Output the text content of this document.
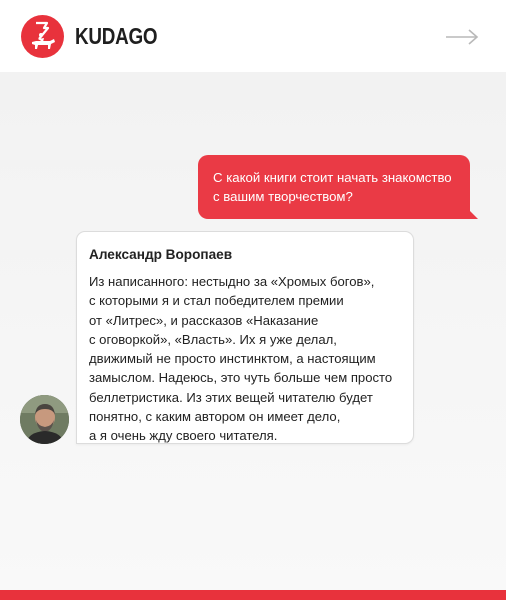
KUDAGO
С какой книги стоит начать знакомство
с вашим творчеством?
Александр Воропаев
Из написанного: нестыдно за «Хромых богов»,
с которыми я и стал победителем премии
от «Литрес», и рассказов «Наказание
с оговоркой», «Власть». Их я уже делал,
движимый не просто инстинктом, а настоящим
замыслом. Надеюсь, это чуть больше чем просто
беллетристика. Из этих вещей читателю будет
понятно, с каким автором он имеет дело,
а я очень жду своего читателя.
